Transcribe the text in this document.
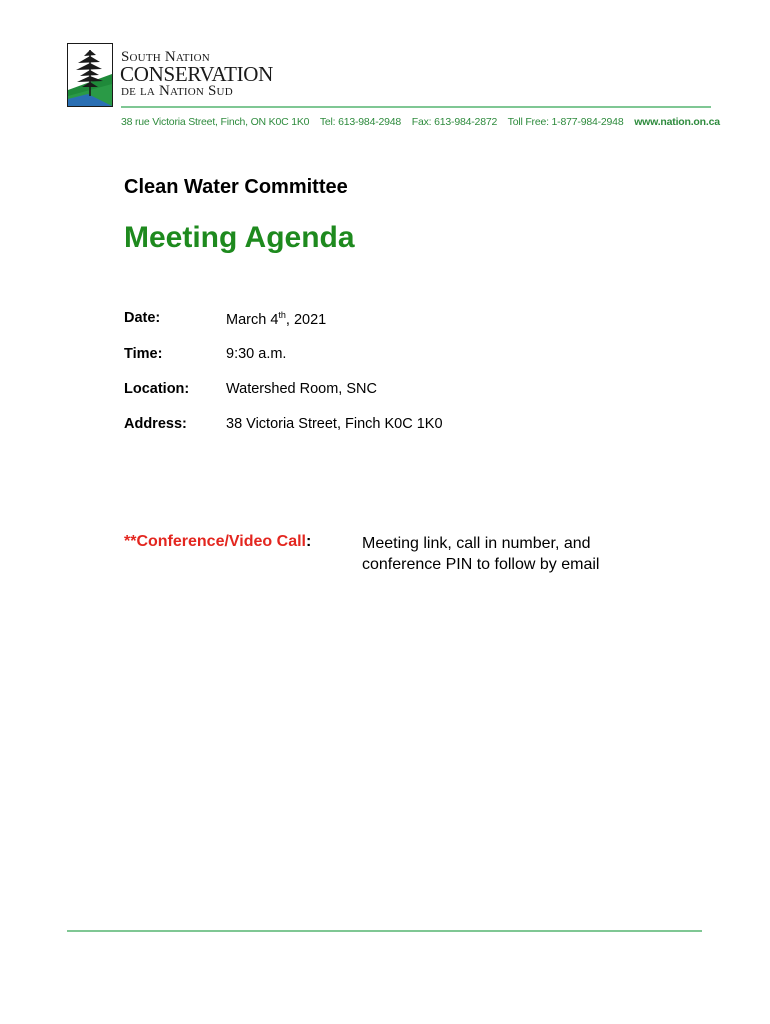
South Nation
CONSERVATION
de la Nation Sud
38 rue Victoria Street, Finch, ON K0C 1K0 Tel: 613-984-2948 Fax: 613-984-2872 Toll Free: 1-877-984-2948 www.nation.on.ca
Clean Water Committee
Meeting Agenda
Date:	March 4th, 2021
Time:	9:30 a.m.
Location:	Watershed Room, SNC
Address:	38 Victoria Street, Finch K0C 1K0
**Conference/Video Call:	Meeting link, call in number, and
conference PIN to follow by email
